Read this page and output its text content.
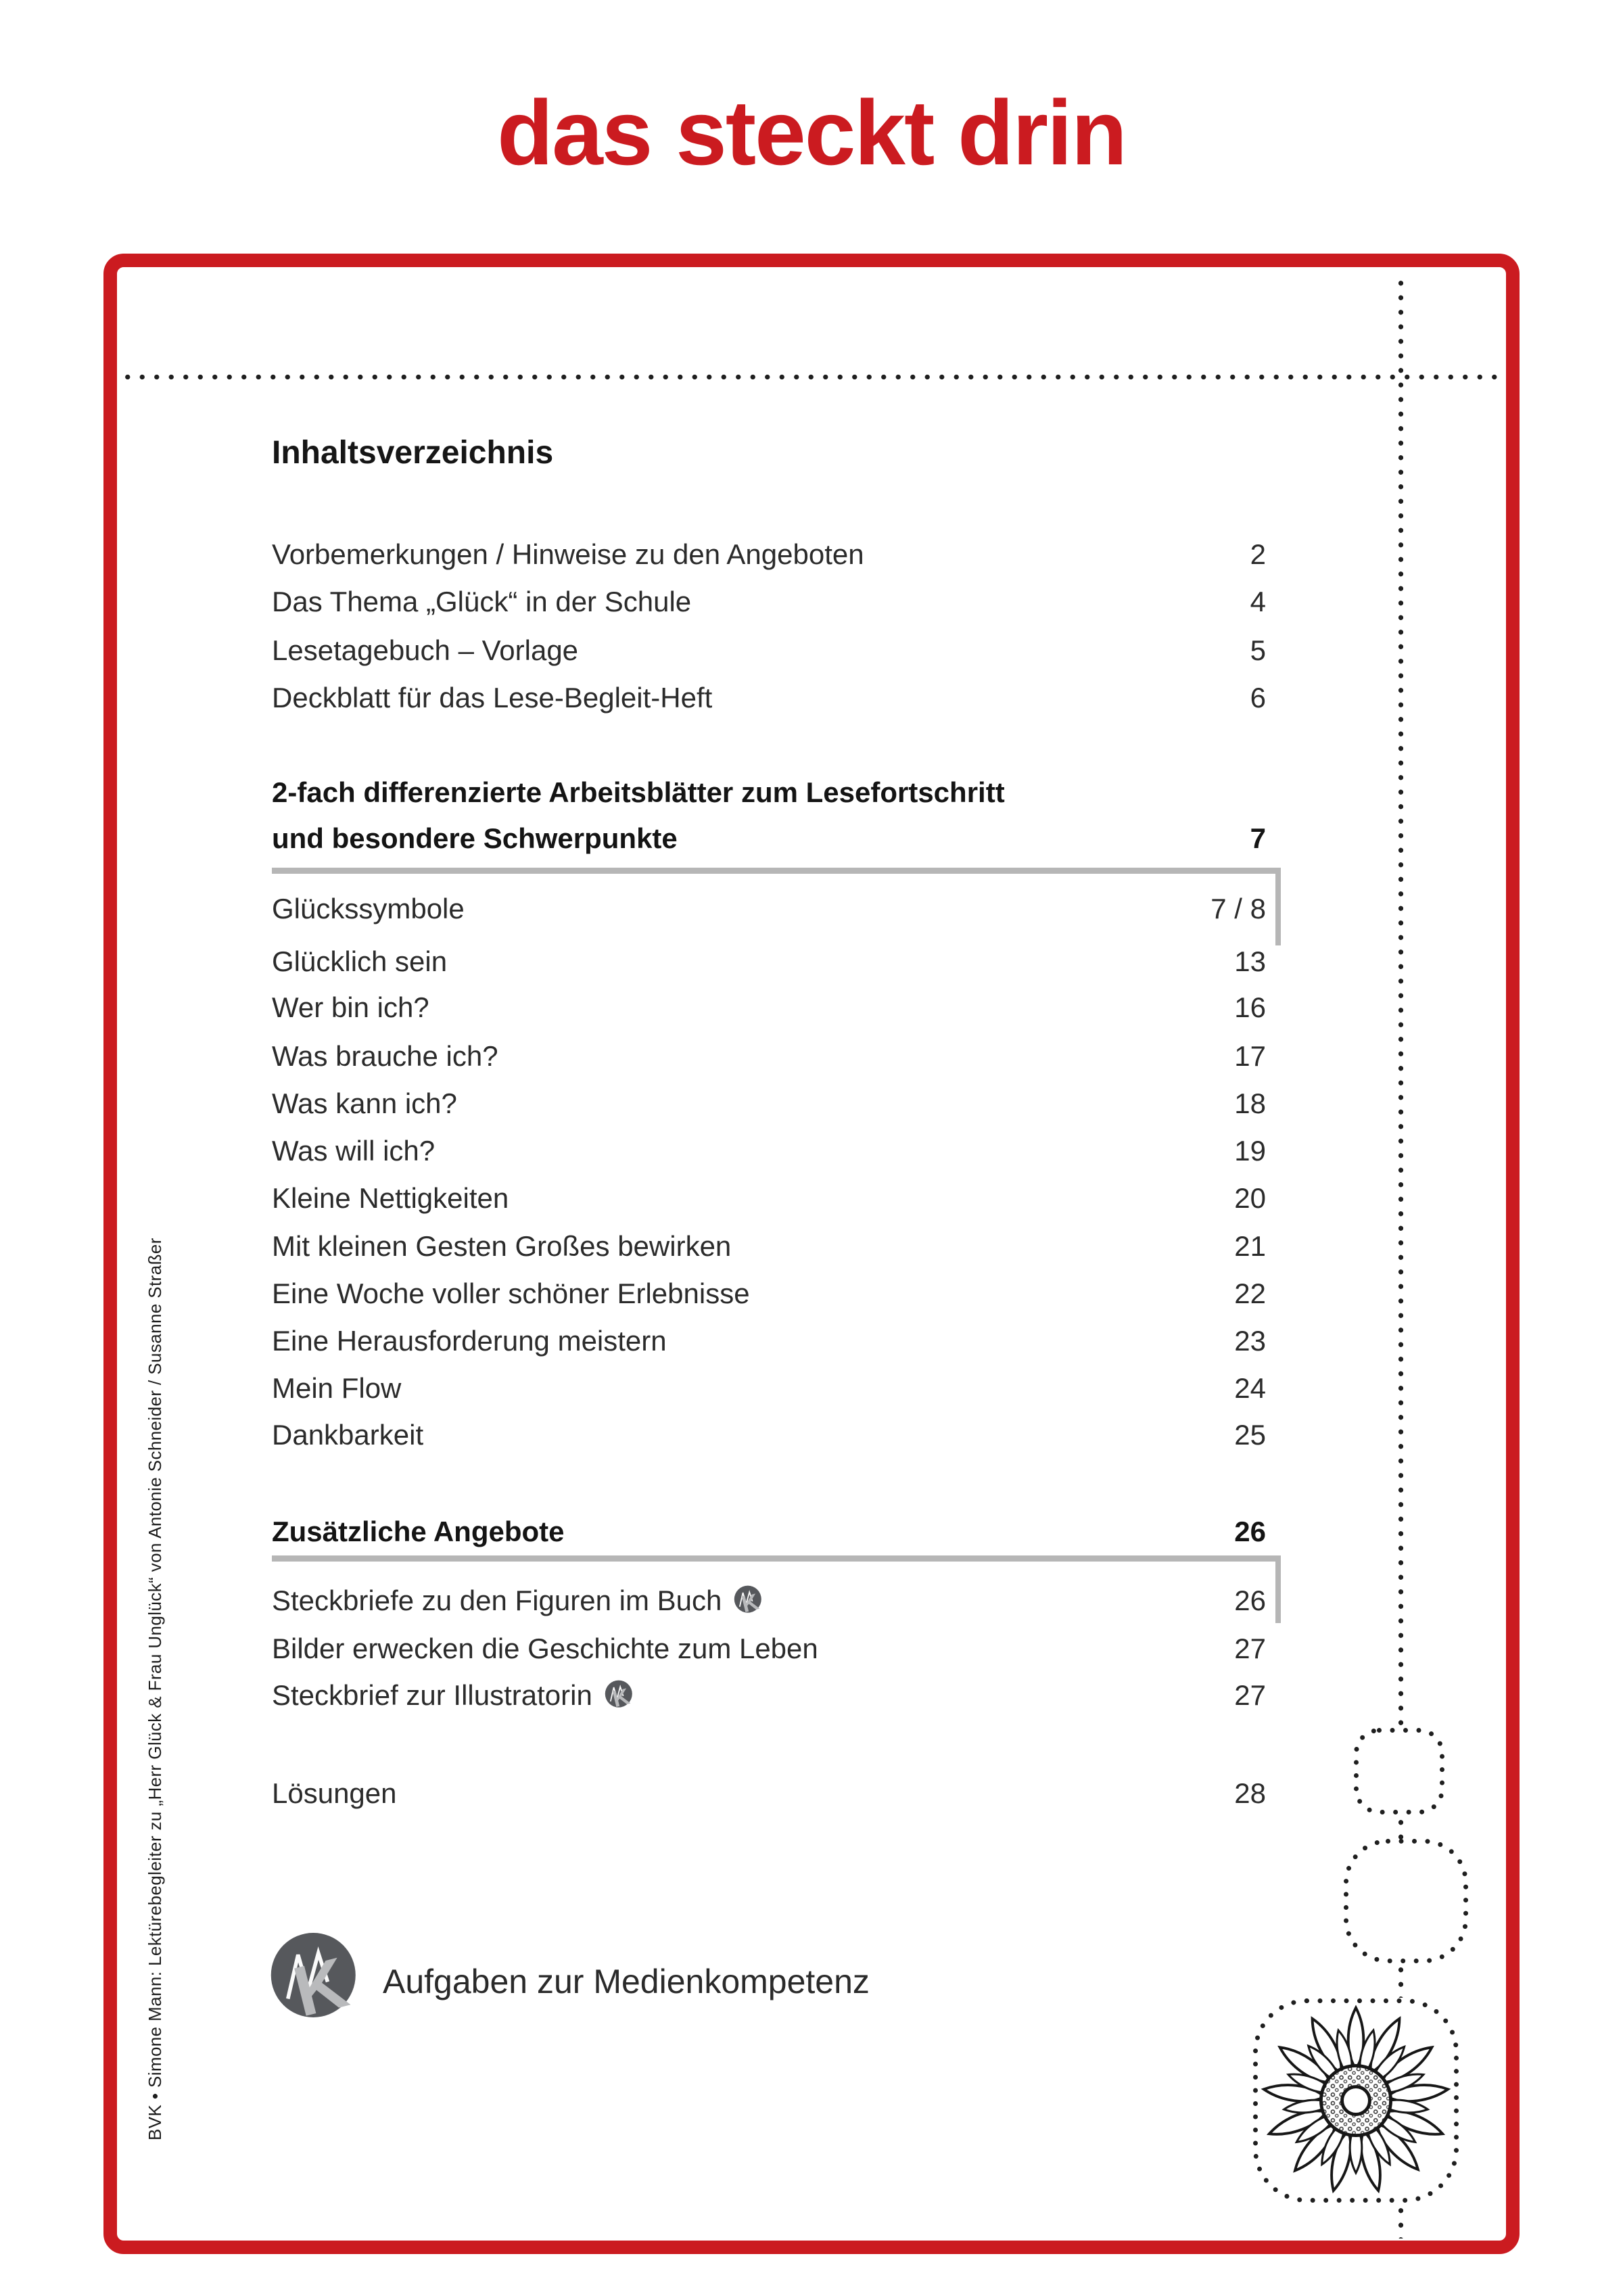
das steckt drin
Inhaltsverzeichnis
Vorbemerkungen / Hinweise zu den Angeboten	2
Das Thema „Glück“ in der Schule	4
Lesetagebuch – Vorlage	5
Deckblatt für das Lese-Begleit-Heft	6
2-fach differenzierte Arbeitsblätter zum Lesefortschritt
und besondere Schwerpunkte	7
Glückssymbole	7 / 8
Glücklich sein	13
Wer bin ich?	16
Was brauche ich?	17
Was kann ich?	18
Was will ich?	19
Kleine Nettigkeiten	20
Mit kleinen Gesten Großes bewirken	21
Eine Woche voller schöner Erlebnisse	22
Eine Herausforderung meistern	23
Mein Flow	24
Dankbarkeit	25
Zusätzliche Angebote	26
Steckbriefe zu den Figuren im Buch	26
Bilder erwecken die Geschichte zum Leben	27
Steckbrief zur Illustratorin	27
Lösungen	28
Aufgaben zur Medienkompetenz
BVK • Simone Mann: Lektürebegleiter zu „Herr Glück & Frau Unglück“ von Antonie Schneider / Susanne Straßer
